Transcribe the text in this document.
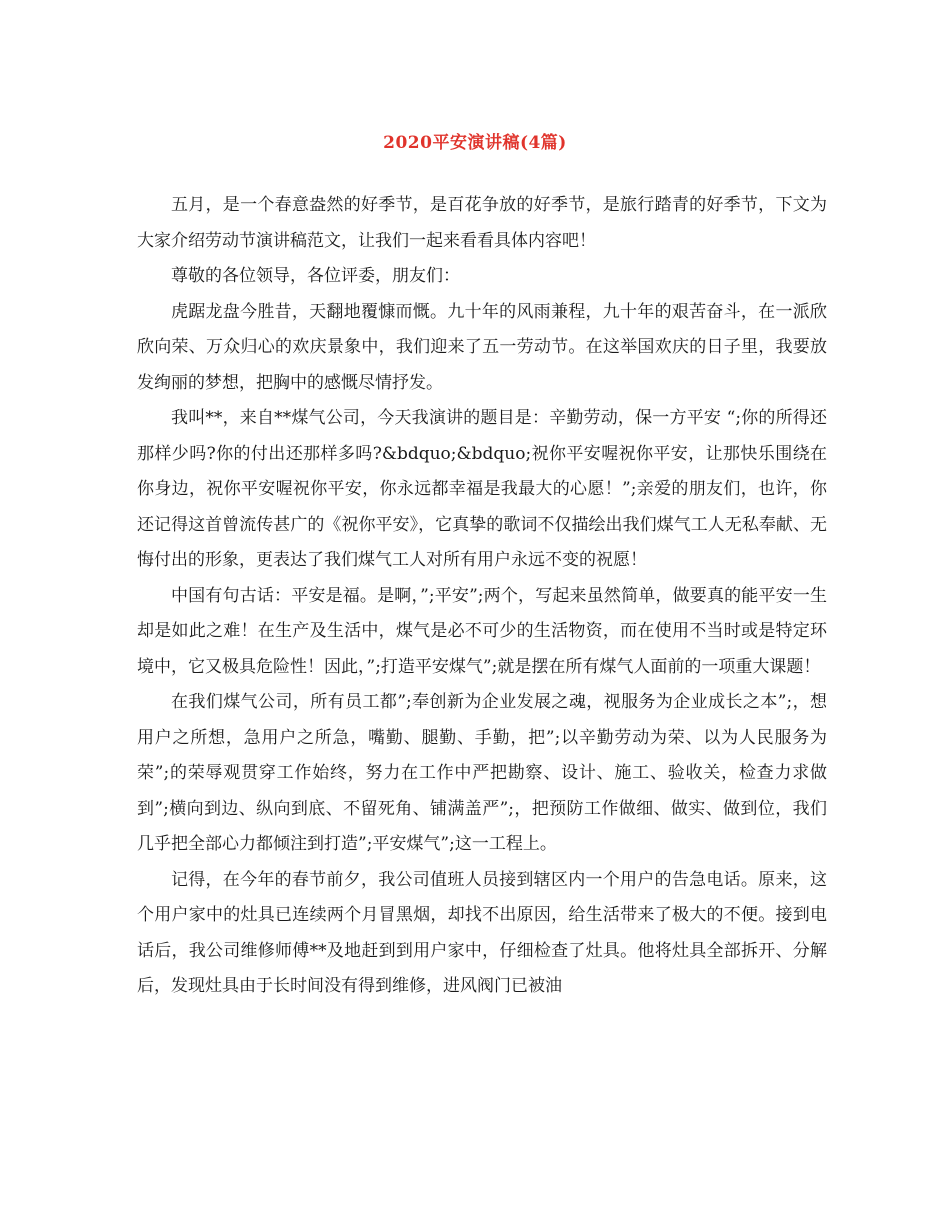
2020平安演讲稿(4篇)

五月，是一个春意盎然的好季节，是百花争放的好季节，是旅行踏青的好季节，下文为大家介绍劳动节演讲稿范文，让我们一起来看看具体内容吧！

尊敬的各位领导，各位评委，朋友们：

虎踞龙盘今胜昔，天翻地覆慷而慨。九十年的风雨兼程，九十年的艰苦奋斗，在一派欣欣向荣、万众归心的欢庆景象中，我们迎来了五一劳动节。在这举国欢庆的日子里，我要放发绚丽的梦想，把胸中的感慨尽情抒发。

我叫**，来自**煤气公司，今天我演讲的题目是：辛勤劳动，保一方平安 “;你的所得还那样少吗?你的付出还那样多吗?&bdquo;&bdquo;祝你平安喔祝你平安，让那快乐围绕在你身边，祝你平安喔祝你平安，你永远都幸福是我最大的心愿！”;亲爱的朋友们，也许，你还记得这首曾流传甚广的《祝你平安》，它真挚的歌词不仅描绘出我们煤气工人无私奉献、无悔付出的形象，更表达了我们煤气工人对所有用户永远不变的祝愿！

中国有句古话：平安是福。是啊，”;平安”;两个，写起来虽然简单，做要真的能平安一生却是如此之难！在生产及生活中，煤气是必不可少的生活物资，而在使用不当时或是特定环境中，它又极具危险性！因此，”;打造平安煤气”;就是摆在所有煤气人面前的一项重大课题！

在我们煤气公司，所有员工都”;奉创新为企业发展之魂，视服务为企业成长之本”;，想用户之所想，急用户之所急，嘴勤、腿勤、手勤，把”;以辛勤劳动为荣、以为人民服务为荣”;的荣辱观贯穿工作始终，努力在工作中严把勘察、设计、施工、验收关，检查力求做到”;横向到边、纵向到底、不留死角、铺满盖严”;，把预防工作做细、做实、做到位，我们几乎把全部心力都倾注到打造”;平安煤气”;这一工程上。

记得，在今年的春节前夕，我公司值班人员接到辖区内一个用户的告急电话。原来，这个用户家中的灶具已连续两个月冒黑烟，却找不出原因，给生活带来了极大的不便。接到电话后，我公司维修师傅**及地赶到到用户家中，仔细检查了灶具。他将灶具全部拆开、分解后，发现灶具由于长时间没有得到维修，进风阀门已被油
